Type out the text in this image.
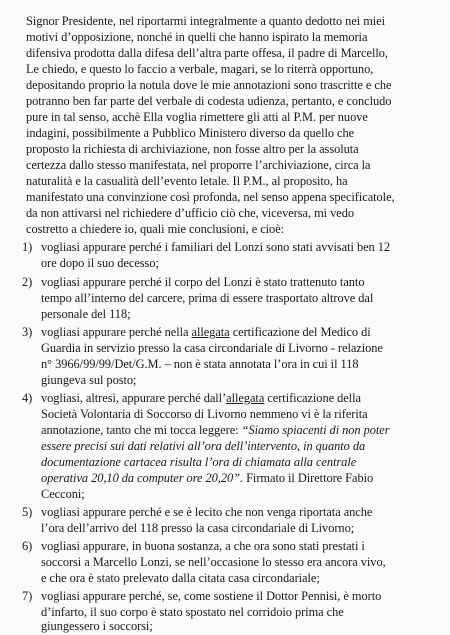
Signor Presidente, nel riportarmi integralmente a quanto dedotto nei miei
motivi d’opposizione, nonché in quelli che hanno ispirato la memoria
difensiva prodotta dalla difesa dell’altra parte offesa, il padre di Marcello,
Le chiedo, e questo lo faccio a verbale, magari, se lo riterrà opportuno,
depositando proprio la notula dove le mie annotazioni sono trascritte e che
potranno ben far parte del verbale di codesta udienza, pertanto, e concludo
pure in tal senso, acchè Ella voglia rimettere gli atti al P.M. per nuove
indagini, possibilmente a Pubblico Ministero diverso da quello che
proposto la richiesta di archiviazione, non fosse altro per la assoluta
certezza dallo stesso manifestata, nel proporre l’archiviazione, circa la
naturalità e la casualità dell’evento letale. Il P.M., al proposito, ha
manifestato una convinzione così profonda, nel senso appena specificatole,
da non attivarsi nel richiedere d’ufficio ciò che, viceversa, mi vedo
costretto a chiedere io, quali mie conclusioni, e cioè:
1) vogliasi appurare perché i familiari del Lonzi sono stati avvisati ben 12
ore dopo il suo decesso;
2) vogliasi appurare perché il corpo del Lonzi è stato trattenuto tanto
tempo all’interno del carcere, prima di essere trasportato altrove dal
personale del 118;
3) vogliasi appurare perché nella allegata certificazione del Medico di
Guardia in servizio presso la casa circondariale di Livorno - relazione
n° 3966/99/99/Det/G.M. – non è stata annotata l’ora in cui il 118
giungeva sul posto;
4) vogliasi, altresì, appurare perché dall’allegata certificazione della
Società Volontaria di Soccorso di Livorno nemmeno vi è la riferita
annotazione, tanto che mi tocca leggere: “Siamo spiacenti di non poter
essere precisi sui dati relativi all’ora dell’intervento, in quanto da
documentazione cartacea risulta l’ora di chiamata alla centrale
operativa 20,10 da computer ore 20,20”. Firmato il Direttore Fabio
Cecconi;
5) vogliasi appurare perché e se è lecito che non venga riportata anche
l’ora dell’arrivo del 118 presso la casa circondariale di Livorno;
6) vogliasi appurare, in buona sostanza, a che ora sono stati prestati i
soccorsi a Marcello Lonzi, se nell’occasione lo stesso era ancora vivo,
e che ora è stato prelevato dalla citata casa circondariale;
7) vogliasi appurare perché, se, come sostiene il Dottor Pennisi, è morto
d’infarto, il suo corpo è stato spostato nel corridoio prima che
giungessero i soccorsi;
